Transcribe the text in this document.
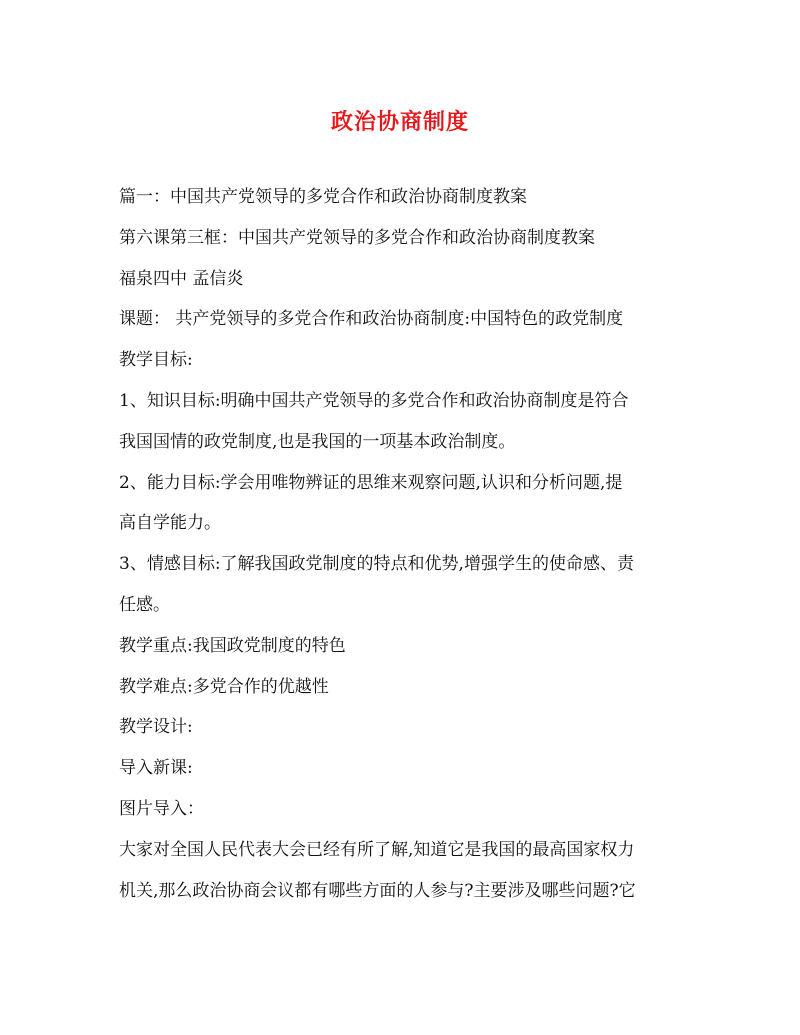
政治协商制度
篇一：中国共产党领导的多党合作和政治协商制度教案
第六课第三框：中国共产党领导的多党合作和政治协商制度教案
福泉四中 孟信炎
课题： 共产党领导的多党合作和政治协商制度:中国特色的政党制度
教学目标:
1、知识目标:明确中国共产党领导的多党合作和政治协商制度是符合
我国国情的政党制度,也是我国的一项基本政治制度。
2、能力目标:学会用唯物辨证的思维来观察问题,认识和分析问题,提
高自学能力。
3、情感目标:了解我国政党制度的特点和优势,增强学生的使命感、责
任感。
教学重点:我国政党制度的特色
教学难点:多党合作的优越性
教学设计:
导入新课:
图片导入：
大家对全国人民代表大会已经有所了解,知道它是我国的最高国家权力
机关,那么政治协商会议都有哪些方面的人参与?主要涉及哪些问题?它
